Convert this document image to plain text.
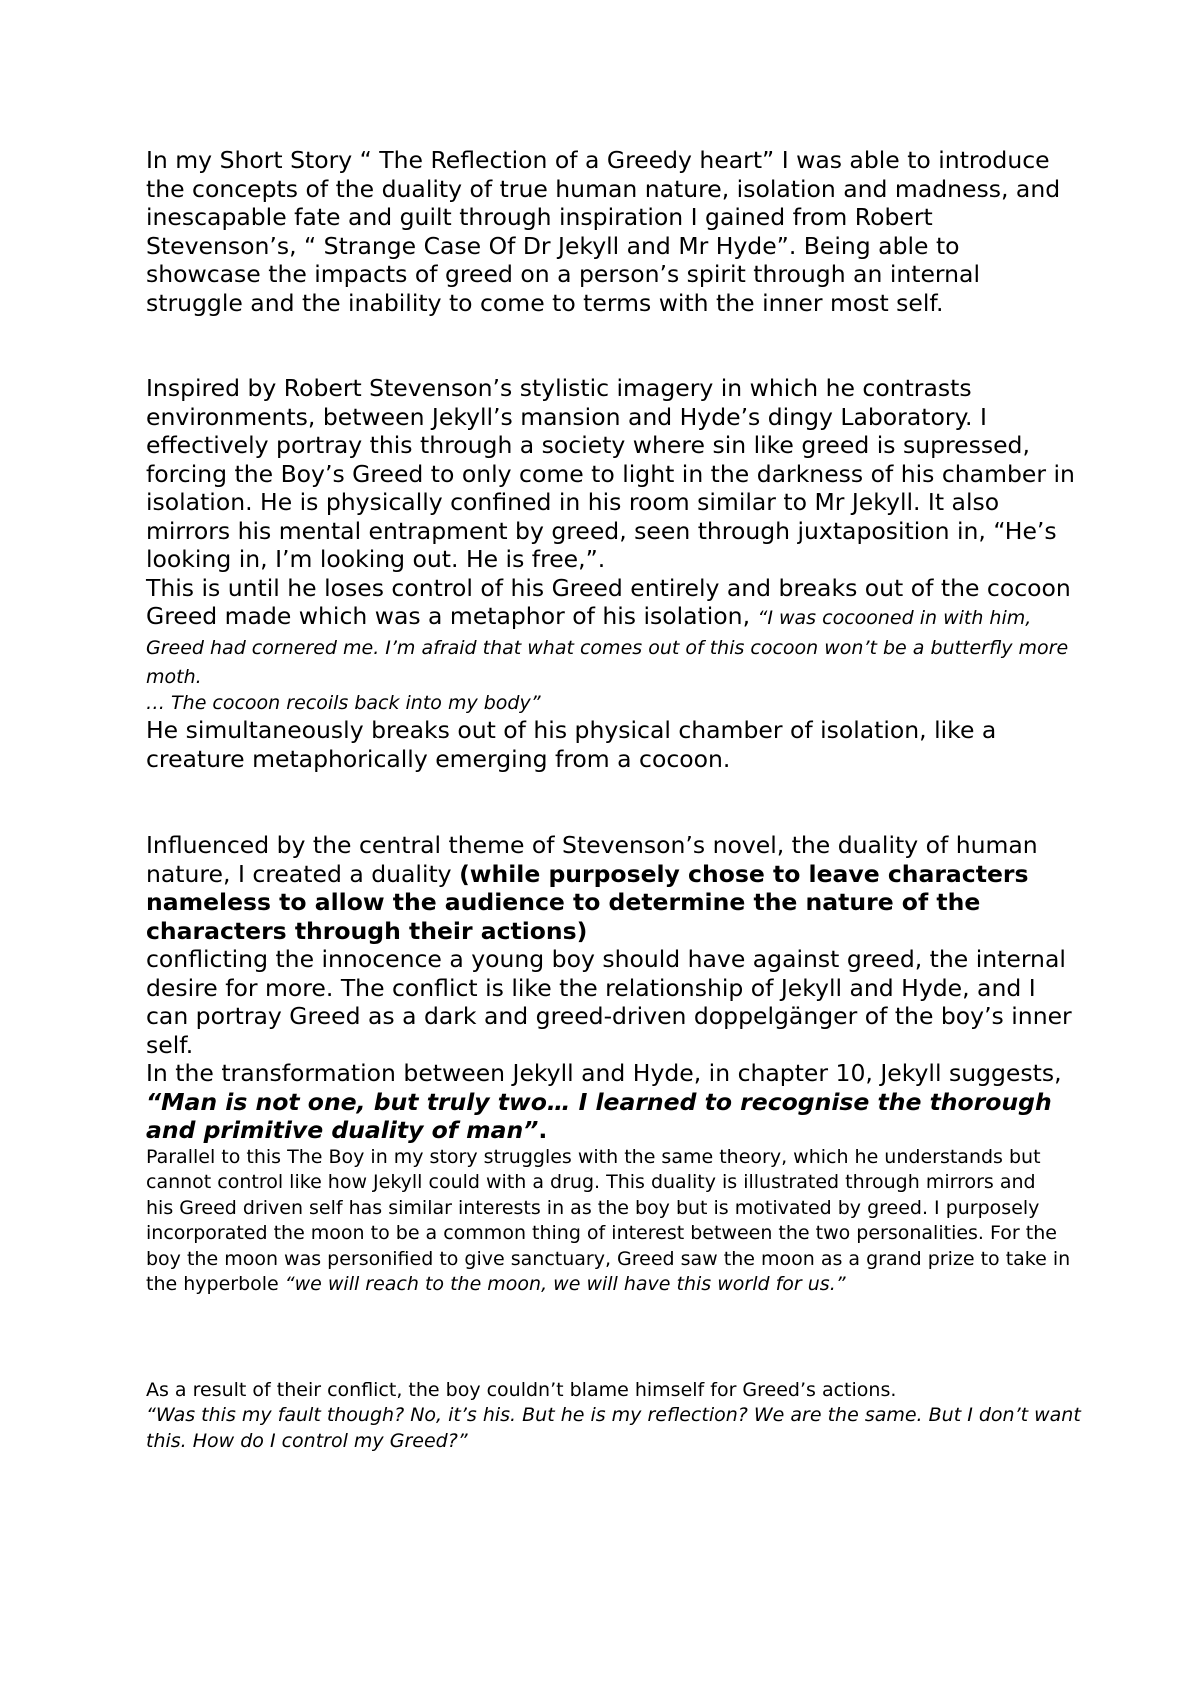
In my Short Story “ The Reflection of a Greedy heart” I was able to introduce the concepts of the duality of true human nature, isolation and madness, and inescapable fate and guilt through inspiration I gained from Robert Stevenson’s, “ Strange Case Of Dr Jekyll and Mr Hyde”. Being able to showcase the impacts of greed on a person’s spirit through an internal struggle and the inability to come to terms with the inner most self.

Inspired by Robert Stevenson’s stylistic imagery in which he contrasts environments, between Jekyll’s mansion and Hyde’s dingy Laboratory. I effectively portray this through a society where sin like greed is supressed, forcing the Boy’s Greed to only come to light in the darkness of his chamber in isolation. He is physically confined in his room similar to Mr Jekyll. It also mirrors his mental entrapment by greed, seen through juxtaposition in, “He’s looking in, I’m looking out. He is free,”.

This is until he loses control of his Greed entirely and breaks out of the cocoon Greed made which was a metaphor of his isolation, “I was cocooned in with him, Greed had cornered me. I’m afraid that what comes out of this cocoon won’t be a butterfly more moth.

… The cocoon recoils back into my body”

He simultaneously breaks out of his physical chamber of isolation, like a creature metaphorically emerging from a cocoon.

Influenced by the central theme of Stevenson’s novel, the duality of human nature, I created a duality (while purposely chose to leave characters nameless to allow the audience to determine the nature of the characters through their actions)

conflicting the innocence a young boy should have against greed, the internal desire for more. The conflict is like the relationship of Jekyll and Hyde, and I can portray Greed as a dark and greed-driven doppelgänger of the boy’s inner self.

In the transformation between Jekyll and Hyde, in chapter 10, Jekyll suggests,

“Man is not one, but truly two… I learned to recognise the thorough and primitive duality of man”.

Parallel to this The Boy in my story struggles with the same theory, which he understands but cannot control like how Jekyll could with a drug. This duality is illustrated through mirrors and

his Greed driven self has similar interests in as the boy but is motivated by greed. I purposely incorporated the moon to be a common thing of interest between the two personalities. For the boy the moon was personified to give sanctuary, Greed saw the moon as a grand prize to take in the hyperbole “we will reach to the moon, we will have this world for us.”

As a result of their conflict, the boy couldn’t blame himself for Greed’s actions.

“Was this my fault though? No, it’s his. But he is my reflection? We are the same. But I don’t want this. How do I control my Greed?”
